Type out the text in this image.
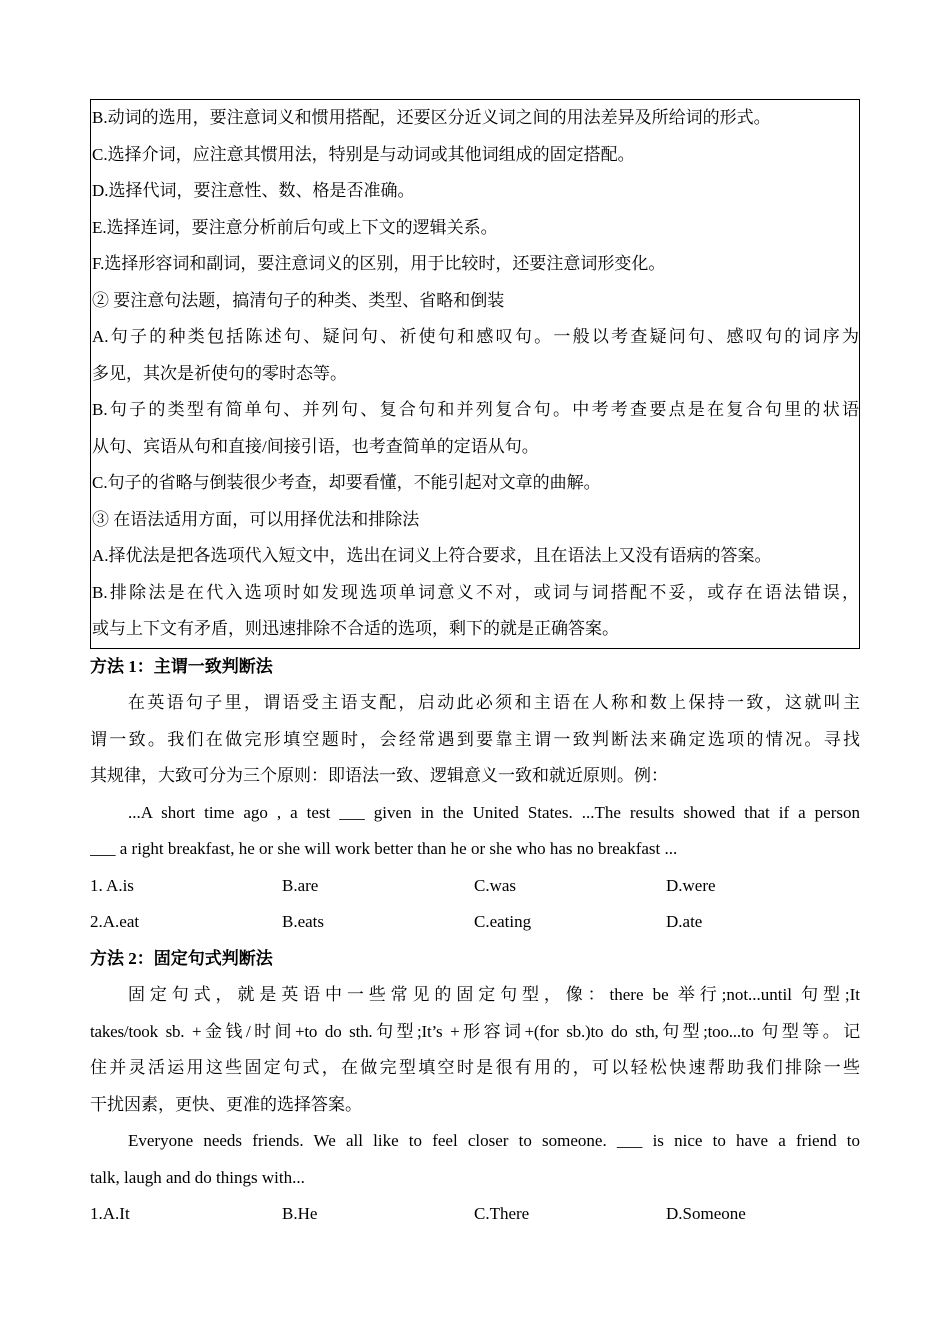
B.动词的选用，要注意词义和惯用搭配，还要区分近义词之间的用法差异及所给词的形式。
C.选择介词，应注意其惯用法，特别是与动词或其他词组成的固定搭配。
D.选择代词，要注意性、数、格是否准确。
E.选择连词，要注意分析前后句或上下文的逻辑关系。
F.选择形容词和副词，要注意词义的区别，用于比较时，还要注意词形变化。
② 要注意句法题，搞清句子的种类、类型、省略和倒装
A.句子的种类包括陈述句、疑问句、祈使句和感叹句。一般以考查疑问句、感叹句的词序为
多见，其次是祈使句的零时态等。
B.句子的类型有简单句、并列句、复合句和并列复合句。中考考查要点是在复合句里的状语
从句、宾语从句和直接/间接引语，也考查简单的定语从句。
C.句子的省略与倒装很少考查，却要看懂，不能引起对文章的曲解。
③ 在语法适用方面，可以用择优法和排除法
A.择优法是把各选项代入短文中，选出在词义上符合要求，且在语法上又没有语病的答案。
B.排除法是在代入选项时如发现选项单词意义不对，或词与词搭配不妥，或存在语法错误，
或与上下文有矛盾，则迅速排除不合适的选项，剩下的就是正确答案。
方法 1：主谓一致判断法
在英语句子里，谓语受主语支配，启动此必须和主语在人称和数上保持一致，这就叫主
谓一致。我们在做完形填空题时，会经常遇到要靠主谓一致判断法来确定选项的情况。寻找
其规律，大致可分为三个原则：即语法一致、逻辑意义一致和就近原则。例：
...A short time ago , a test ___ given in the United States. ...The results showed that if a person
___ a right breakfast, he or she will work better than he or she who has no breakfast ...
1. A.is	B.are	C.was	D.were
2.A.eat	B.eats	C.eating	D.ate
方法 2：固定句式判断法
固定句式，就是英语中一些常见的固定句型，像：there be 举行;not...until 句型;It
takes/took sb. +金钱/时间+to do sth.句型;It’s +形容词+(for sb.)to do sth,句型;too...to 句型等。记
住并灵活运用这些固定句式，在做完型填空时是很有用的，可以轻松快速帮助我们排除一些
干扰因素，更快、更准的选择答案。
Everyone needs friends. We all like to feel closer to someone. ___ is nice to have a friend to
talk, laugh and do things with...
1.A.It	B.He	C.There	D.Someone
